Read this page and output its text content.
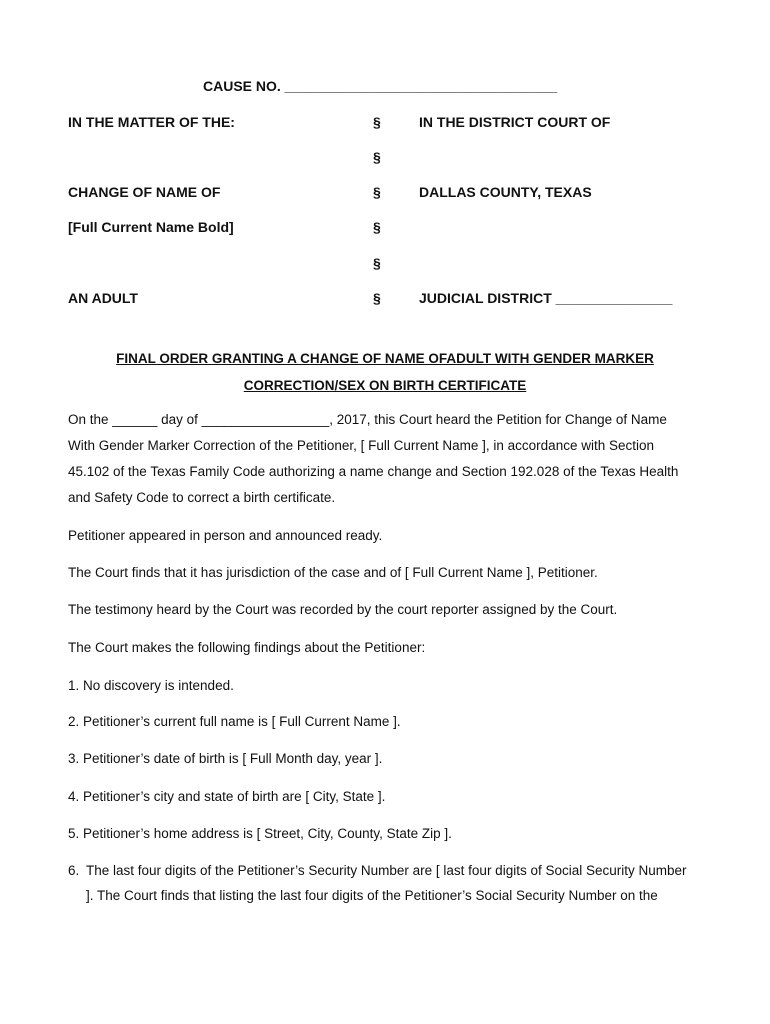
CAUSE NO. ___________________________________
IN THE MATTER OF THE:
CHANGE OF NAME OF
[Full Current Name Bold]
AN ADULT
§
§
§
§
§
§
IN THE DISTRICT COURT OF
DALLAS COUNTY, TEXAS
JUDICIAL DISTRICT _______________
FINAL ORDER GRANTING A CHANGE OF NAME OFADULT WITH GENDER MARKER
CORRECTION/SEX ON BIRTH CERTIFICATE
On the ______ day of _________________, 2017, this Court heard the Petition for Change of Name
With Gender Marker Correction of the Petitioner, [ Full Current Name ], in accordance with Section
45.102 of the Texas Family Code authorizing a name change and Section 192.028 of the Texas Health
and Safety Code to correct a birth certificate.
Petitioner appeared in person and announced ready.
The Court finds that it has jurisdiction of the case and of [ Full Current Name ], Petitioner.
The testimony heard by the Court was recorded by the court reporter assigned by the Court.
The Court makes the following findings about the Petitioner:
1. No discovery is intended.
2. Petitioner’s current full name is [ Full Current Name ].
3. Petitioner’s date of birth is [ Full Month day, year ].
4. Petitioner’s city and state of birth are [ City, State ].
5. Petitioner’s home address is [ Street, City, County, State Zip ].
6. The last four digits of the Petitioner’s Security Number are [ last four digits of Social Security Number
]. The Court finds that listing the last four digits of the Petitioner’s Social Security Number on the
